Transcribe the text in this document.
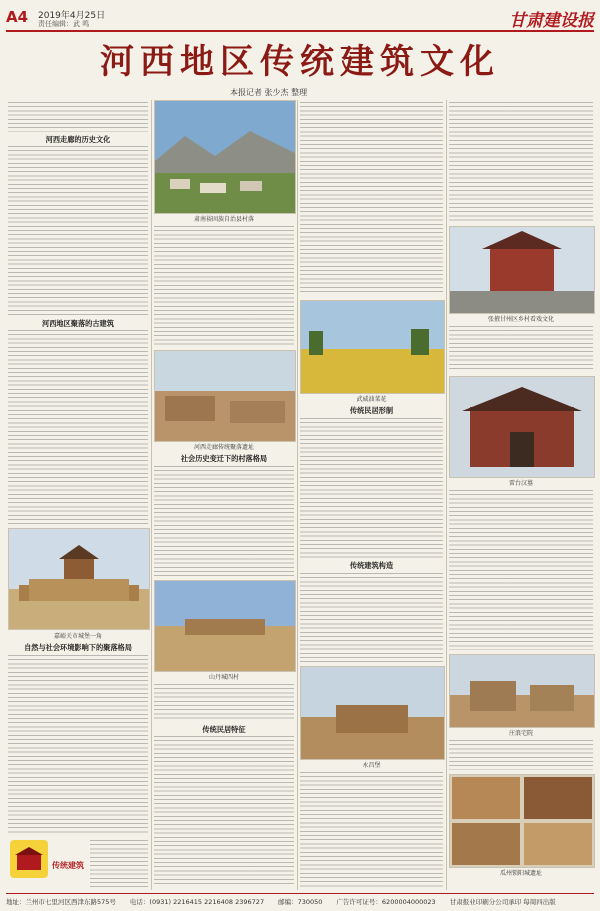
A4 2019年4月25日
责任编辑：武 鸣	甘肃建设报
河西地区传统建筑文化
本报记者 张少杰 整理
河西走廊的历史文化
河西地区聚落的古建筑
嘉峪关市城堡一角
自然与社会环境影响下的聚落格局
传统建筑
肃南裕固族自治县村落
河西走廊传统聚落遗址
社会历史变迁下的村落格局
山丹城四村
传统民居特征
武威油菜花
传统民居形制
传统建筑构造
永昌堡
张掖甘州区乡村看戏文化
雷台汉墓
庄浪宅院
瓜州锁阳城遗址
地址：兰州市七里河区西津东路575号 电话：(0931) 2216415 2216408 2396727 邮编：730050 广告许可证号：6200004000023 甘肃报业印刷分公司承印 每周四出版
